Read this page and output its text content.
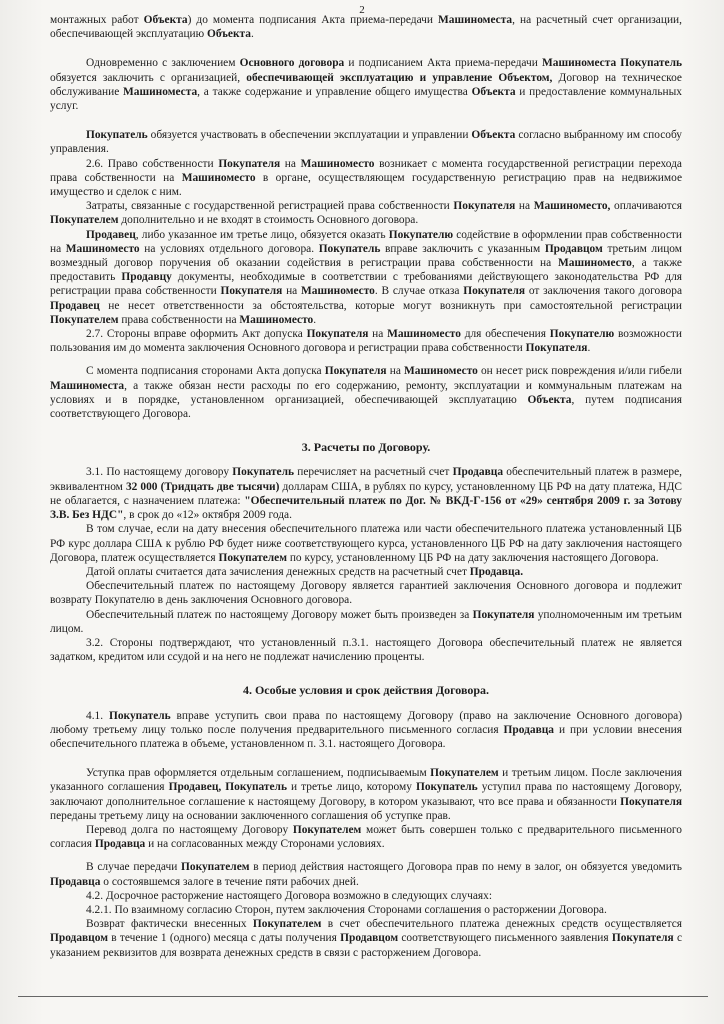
2

монтажных работ Объекта) до момента подписания Акта приема-передачи Машиноместа, на расчетный счет организации, обеспечивающей эксплуатацию Объекта.

Одновременно с заключением Основного договора и подписанием Акта приема-передачи Машиноместа Покупатель обязуется заключить с организацией, обеспечивающей эксплуатацию и управление Объектом, Договор на техническое обслуживание Машиноместа, а также содержание и управление общего имущества Объекта и предоставление коммунальных услуг.

Покупатель обязуется участвовать в обеспечении эксплуатации и управлении Объекта согласно выбранному им способу управления.

2.6. Право собственности Покупателя на Машиноместо возникает с момента государственной регистрации перехода права собственности на Машиноместо в органе, осуществляющем государственную регистрацию прав на недвижимое имущество и сделок с ним.

Затраты, связанные с государственной регистрацией права собственности Покупателя на Машиноместо, оплачиваются Покупателем дополнительно и не входят в стоимость Основного договора.

Продавец, либо указанное им третье лицо, обязуется оказать Покупателю содействие в оформлении прав собственности на Машиноместо на условиях отдельного договора. Покупатель вправе заключить с указанным Продавцом третьим лицом возмездный договор поручения об оказании содействия в регистрации права собственности на Машиноместо, а также предоставить Продавцу документы, необходимые в соответствии с требованиями действующего законодательства РФ для регистрации права собственности Покупателя на Машиноместо. В случае отказа Покупателя от заключения такого договора Продавец не несет ответственности за обстоятельства, которые могут возникнуть при самостоятельной регистрации Покупателем права собственности на Машиноместо.

2.7. Стороны вправе оформить Акт допуска Покупателя на Машиноместо для обеспечения Покупателю возможности пользования им до момента заключения Основного договора и регистрации права собственности Покупателя.

С момента подписания сторонами Акта допуска Покупателя на Машиноместо он несет риск повреждения и/или гибели Машиноместа, а также обязан нести расходы по его содержанию, ремонту, эксплуатации и коммунальным платежам на условиях и в порядке, установленном организацией, обеспечивающей эксплуатацию Объекта, путем подписания соответствующего Договора.

3. Расчеты по Договору.

3.1. По настоящему договору Покупатель перечисляет на расчетный счет Продавца обеспечительный платеж в размере, эквивалентном 32 000 (Тридцать две тысячи) долларам США, в рублях по курсу, установленному ЦБ РФ на дату платежа, НДС не облагается, с назначением платежа: "Обеспечительный платеж по Дог. № ВКД-Г-156 от «29» сентября 2009 г. за Зотову З.В. Без НДС", в срок до «12» октября 2009 года.

В том случае, если на дату внесения обеспечительного платежа или части обеспечительного платежа установленный ЦБ РФ курс доллара США к рублю РФ будет ниже соответствующего курса, установленного ЦБ РФ на дату заключения настоящего Договора, платеж осуществляется Покупателем по курсу, установленному ЦБ РФ на дату заключения настоящего Договора.

Датой оплаты считается дата зачисления денежных средств на расчетный счет Продавца.

Обеспечительный платеж по настоящему Договору является гарантией заключения Основного договора и подлежит возврату Покупателю в день заключения Основного договора.

Обеспечительный платеж по настоящему Договору может быть произведен за Покупателя уполномоченным им третьим лицом.

3.2. Стороны подтверждают, что установленный п.3.1. настоящего Договора обеспечительный платеж не является задатком, кредитом или ссудой и на него не подлежат начислению проценты.

4. Особые условия и срок действия Договора.

4.1. Покупатель вправе уступить свои права по настоящему Договору (право на заключение Основного договора) любому третьему лицу только после получения предварительного письменного согласия Продавца и при условии внесения обеспечительного платежа в объеме, установленном п. 3.1. настоящего Договора.

Уступка прав оформляется отдельным соглашением, подписываемым Покупателем и третьим лицом. После заключения указанного соглашения Продавец, Покупатель и третье лицо, которому Покупатель уступил права по настоящему Договору, заключают дополнительное соглашение к настоящему Договору, в котором указывают, что все права и обязанности Покупателя переданы третьему лицу на основании заключенного соглашения об уступке прав.

Перевод долга по настоящему Договору Покупателем может быть совершен только с предварительного письменного согласия Продавца и на согласованных между Сторонами условиях.

В случае передачи Покупателем в период действия настоящего Договора прав по нему в залог, он обязуется уведомить Продавца о состоявшемся залоге в течение пяти рабочих дней.

4.2. Досрочное расторжение настоящего Договора возможно в следующих случаях:

4.2.1. По взаимному согласию Сторон, путем заключения Сторонами соглашения о расторжении Договора.

Возврат фактически внесенных Покупателем в счет обеспечительного платежа денежных средств осуществляется Продавцом в течение 1 (одного) месяца с даты получения Продавцом соответствующего письменного заявления Покупателя с указанием реквизитов для возврата денежных средств в связи с расторжением Договора.
